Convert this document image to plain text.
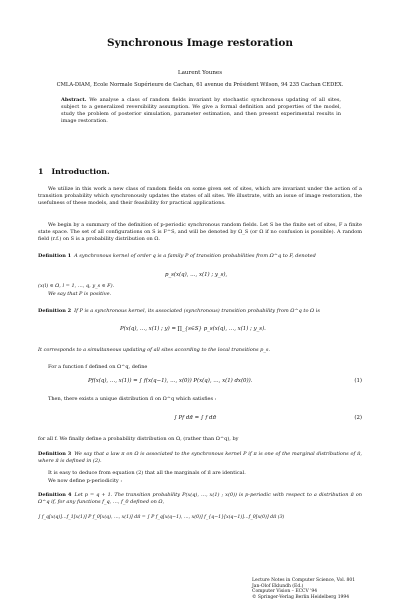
Synchronous Image restoration
Laurent Younes
CMLA-DIAM, Ecole Normale Supérieure de Cachan, 61 avenue du Président Wilson, 94 235 Cachan CEDEX.
Abstract. We analyse a class of random fields invariant by stochastic synchronous updating of all sites, subject to a generalized reversibility assumption. We give a formal definition and properties of the model, study the problem of posterior simulation, parameter estimation, and then present experimental results in image restoration.
1 Introduction.
We utilize in this work a new class of random fields on some given set of sites, which are invariant under the action of a transition probability which synchronously updates the states of all sites. We illustrate, with an issue of image restoration, the usefulness of these models, and their feasibility for practical applications.
We begin by a summary of the definition of p-periodic synchronous random fields. Let S be the finite set of sites, F a finite state space. The set of all configurations on S is F^S, and will be denoted by Ω_S (or Ω if no confusion is possible). A random field (r.f.) on S is a probability distribution on Ω.
Definition 1 A synchronous kernel of order q is a family P of transition probabilities from Ω^q to F, denoted
p_s(x(q), …, x(1) ; y_s),
(x(l) ∈ Ω, l = 1, …, q, y_s ∈ F).
We say that P is positive.
Definition 2 If P is a synchronous kernel, its associated (synchronous) transition probability from Ω^q to Ω is
P(x(q), …, x(1) ; y) = ∏_{s∈S} p_s(x(q), …, x(1) ; y_s).
It corresponds to a simultaneous updating of all sites according to the local transitions p_s.
For a function f defined on Ω^q, define
Pf(x(q), …, x(1)) = ∫ f(x(q−1), …, x(0)) P(x(q), …, x(1) dx(0)).	(1)
Then, there exists a unique distribution π̄ on Ω^q which satisfies :
∫ Pf dπ̄ = ∫ f dπ̄	(2)
for all f. We finally define a probability distribution on Ω, (rather than Ω^q), by
Definition 3 We say that a law π on Ω is associated to the synchronous kernel P if π is one of the marginal distributions of π̄, where π̄ is defined in (2).
It is easy to deduce from equation (2) that all the marginals of π̄ are identical.
We now define p-periodicity :
Definition 4 Let p = q + 1. The transition probability P(x(q), …, x(1) ; x(0)) is p-periodic with respect to a distribution π̄ on Ω^q if, for any functions f_q, …, f_0 defined on Ω,
∫ f_q[x(q)]…f_1[x(1)] P f_0[x(q), …, x(1)] dπ̄ = ∫ P f_q[x(q−1), …, x(0)] f_{q−1}[x(q−1)]…f_0[x(0)] dπ̄ (3)
Lecture Notes in Computer Science, Vol. 801
Jan-Olof Eklundh (Ed.)
Computer Vision – ECCV '94
© Springer-Verlag Berlin Heidelberg 1994
